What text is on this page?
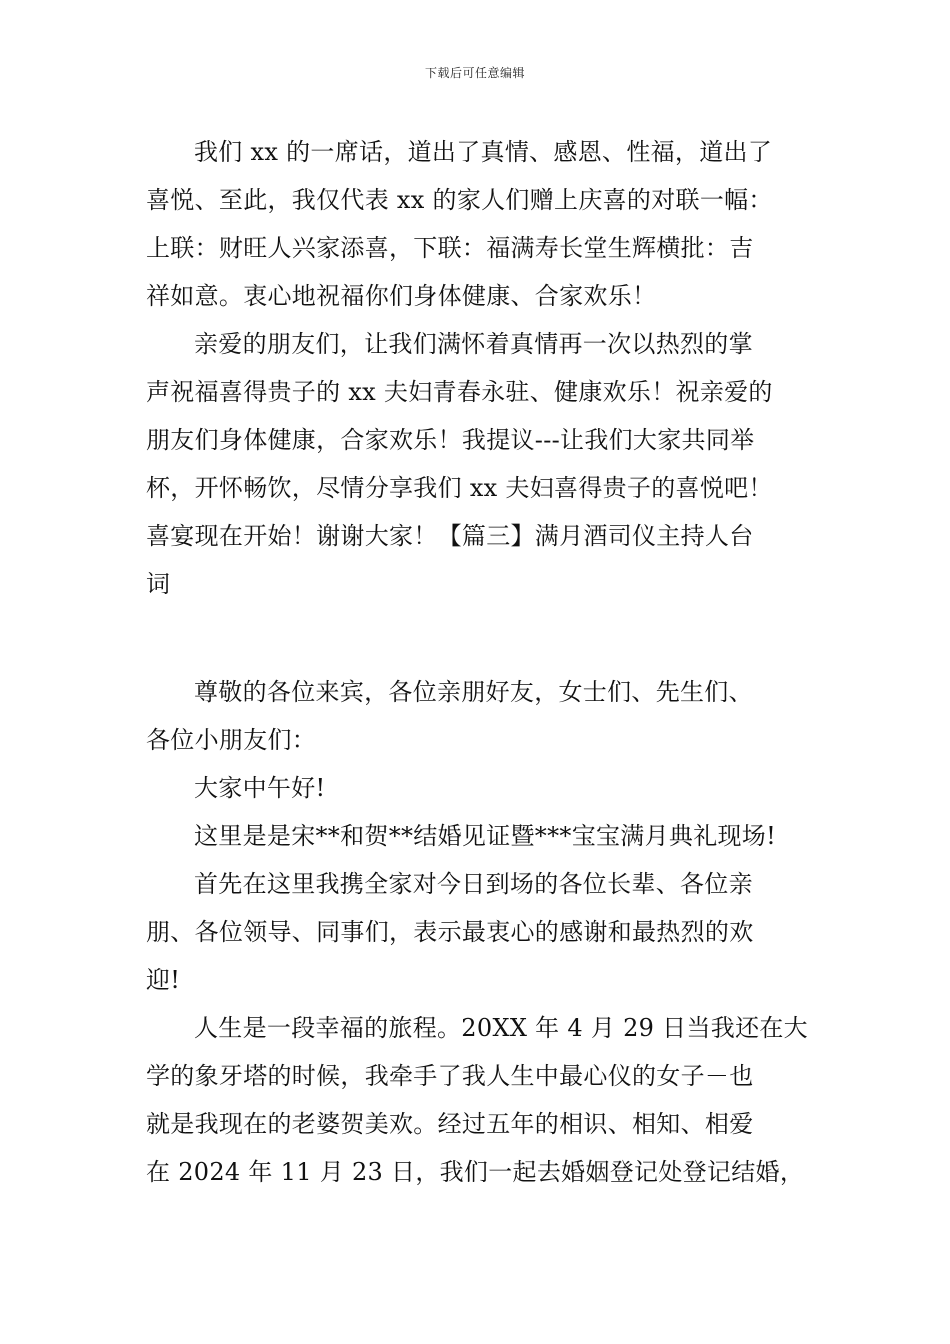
下载后可任意编辑
我们 xx 的一席话，道出了真情、感恩、性福，道出了
喜悦、至此，我仅代表 xx 的家人们赠上庆喜的对联一幅：
上联：财旺人兴家添喜，下联：福满寿长堂生辉横批：吉
祥如意。衷心地祝福你们身体健康、合家欢乐！
亲爱的朋友们，让我们满怀着真情再一次以热烈的掌
声祝福喜得贵子的 xx 夫妇青春永驻、健康欢乐！祝亲爱的
朋友们身体健康，合家欢乐！我提议---让我们大家共同举
杯，开怀畅饮，尽情分享我们 xx 夫妇喜得贵子的喜悦吧！
喜宴现在开始！谢谢大家！【篇三】满月酒司仪主持人台
词
尊敬的各位来宾，各位亲朋好友，女士们、先生们、
各位小朋友们：
大家中午好!
这里是是宋**和贺**结婚见证暨***宝宝满月典礼现场!
首先在这里我携全家对今日到场的各位长辈、各位亲
朋、各位领导、同事们，表示最衷心的感谢和最热烈的欢
迎!
人生是一段幸福的旅程。20XX 年 4 月 29 日当我还在大
学的象牙塔的时候，我牵手了我人生中最心仪的女子－也
就是我现在的老婆贺美欢。经过五年的相识、相知、相爱
在 2024 年 11 月 23 日，我们一起去婚姻登记处登记结婚，
